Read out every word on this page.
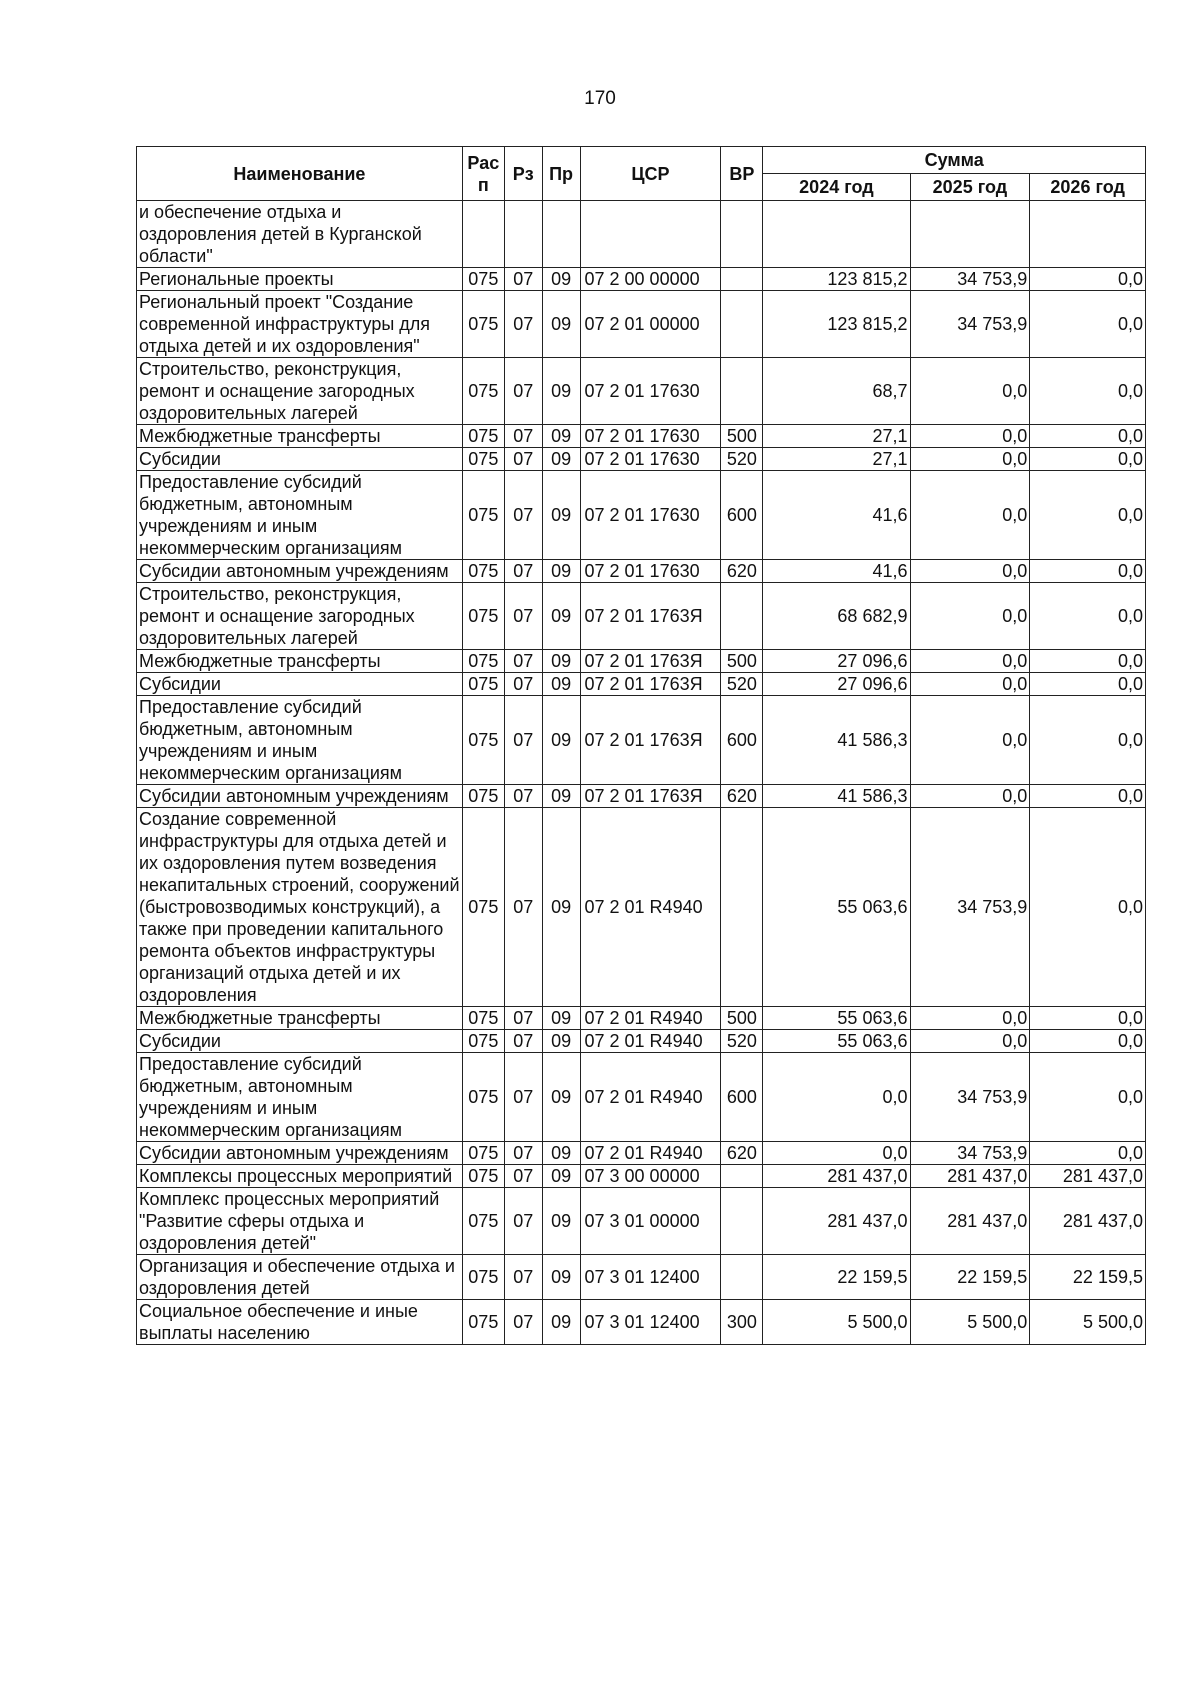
170
Наименование	Рас п	Рз	Пр	ЦСР	ВР	Сумма		
						2024 год	2025 год	2026 год
и обеспечение отдыха и оздоровления детей в Курганской области"								
Региональные проекты	075	07	09	07 2 00 00000		123 815,2	34 753,9	0,0
Региональный проект "Создание современной инфраструктуры для отдыха детей и их оздоровления"	075	07	09	07 2 01 00000		123 815,2	34 753,9	0,0
Строительство, реконструкция, ремонт и оснащение загородных оздоровительных лагерей	075	07	09	07 2 01 17630		68,7	0,0	0,0
Межбюджетные трансферты	075	07	09	07 2 01 17630	500	27,1	0,0	0,0
Субсидии	075	07	09	07 2 01 17630	520	27,1	0,0	0,0
Предоставление субсидий бюджетным, автономным учреждениям и иным некоммерческим организациям	075	07	09	07 2 01 17630	600	41,6	0,0	0,0
Субсидии автономным учреждениям	075	07	09	07 2 01 17630	620	41,6	0,0	0,0
Строительство, реконструкция, ремонт и оснащение загородных оздоровительных лагерей	075	07	09	07 2 01 1763Я		68 682,9	0,0	0,0
Межбюджетные трансферты	075	07	09	07 2 01 1763Я	500	27 096,6	0,0	0,0
Субсидии	075	07	09	07 2 01 1763Я	520	27 096,6	0,0	0,0
Предоставление субсидий бюджетным, автономным учреждениям и иным некоммерческим организациям	075	07	09	07 2 01 1763Я	600	41 586,3	0,0	0,0
Субсидии автономным учреждениям	075	07	09	07 2 01 1763Я	620	41 586,3	0,0	0,0
Создание современной инфраструктуры для отдыха детей и их оздоровления путем возведения некапитальных строений, сооружений (быстровозводимых конструкций), а также при проведении капитального ремонта объектов инфраструктуры организаций отдыха детей и их оздоровления	075	07	09	07 2 01 R4940		55 063,6	34 753,9	0,0
Межбюджетные трансферты	075	07	09	07 2 01 R4940	500	55 063,6	0,0	0,0
Субсидии	075	07	09	07 2 01 R4940	520	55 063,6	0,0	0,0
Предоставление субсидий бюджетным, автономным учреждениям и иным некоммерческим организациям	075	07	09	07 2 01 R4940	600	0,0	34 753,9	0,0
Субсидии автономным учреждениям	075	07	09	07 2 01 R4940	620	0,0	34 753,9	0,0
Комплексы процессных мероприятий	075	07	09	07 3 00 00000		281 437,0	281 437,0	281 437,0
Комплекс процессных мероприятий "Развитие сферы отдыха и оздоровления детей"	075	07	09	07 3 01 00000		281 437,0	281 437,0	281 437,0
Организация и обеспечение отдыха и оздоровления детей	075	07	09	07 3 01 12400		22 159,5	22 159,5	22 159,5
Социальное обеспечение и иные выплаты населению	075	07	09	07 3 01 12400	300	5 500,0	5 500,0	5 500,0
